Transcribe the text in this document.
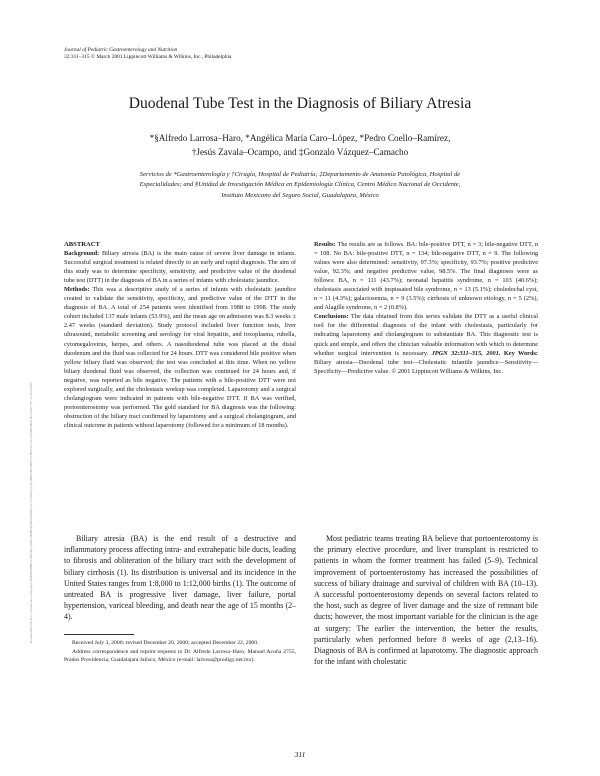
Journal of Pediatric Gastroenterology and Nutrition
32:311–315 © March 2001 Lippincott Williams & Wilkins, Inc., Philadelphia
Duodenal Tube Test in the Diagnosis of Biliary Atresia
*§Alfredo Larrosa–Haro, *Angélica María Caro–López, *Pedro Coello–Ramírez,
†Jesús Zavala–Ocampo, and ‡Gonzalo Vázquez–Camacho
Servicios de *Gastroenterología y †Cirugía, Hospital de Pediatría; ‡Departamento de Anatomía Patológica, Hospital de
Especialidades; and §Unidad de Investigación Médica en Epidemiología Clínica, Centro Médico Nacional de Occidente,
Instituto Mexicano del Seguro Social, Guadalajara, México
Downloaded from http://journals.lww.com/jpgn by BhDMf5ePHKav1zEoum1tQfN4a+kJLhEZgbsIHo4XMi0hCywCX1AWnYQp/IlQrHD3i3D0OdRyi7TvSFl4Cf3VC4/OAVpDDa8KKGKV0Ymy+78= on 10/15/2023
ABSTRACT

Background: Biliary atresia (BA) is the main cause of severe liver damage in infants. Successful surgical treatment is related directly to an early and rapid diagnosis. The aim of this study was to determine specificity, sensitivity, and predictive value of the duodenal tube test (DTT) in the diagnosis of BA in a series of infants with cholestatic jaundice.

Methods: This was a descriptive study of a series of infants with cholestatic jaundice created to validate the sensitivity, specificity, and predictive value of the DTT in the diagnosis of BA. A total of 254 patients were identified from 1988 to 1998. The study cohort included 137 male infants (53.9%), and the mean age on admission was 8.3 weeks ± 2.47 weeks (standard deviation). Study protocol included liver function tests, liver ultrasound, metabolic screening and serology for viral hepatitis, and toxoplasma, rubella, cytomegalovirus, herpes, and others. A nasoduodenal tube was placed at the distal duodenum and the fluid was collected for 24 hours. DTT was considered bile positive when yellow biliary fluid was observed; the test was concluded at this time. When no yellow biliary duodenal fluid was observed, the collection was continued for 24 hours and, if negative, was reported as bile negative. The patients with a bile-positive DTT were not explored surgically, and the cholestasis workup was completed. Laparotomy and a surgical cholangiogram were indicated in patients with bile-negative DTT. If BA was verified, portoenterostomy was performed. The gold standard for BA diagnosis was the following: obstruction of the biliary tract confirmed by laparotomy and a surgical cholangiogram, and clinical outcome in patients without laparotomy (followed for a minimum of 18 months).

Results: The results are as follows. BA: bile-positive DTT, n = 3; bile-negative DTT, n = 108. No BA: bile-positive DTT, n = 134; bile-negative DTT, n = 9. The following values were also determined: sensitivity, 97.3%; specificity, 93.7%; positive predictive value, 92.3%; and negative predictive value, 98.5%. The final diagnoses were as follows: BA, n = 111 (43.7%); neonatal hepatitis syndrome, n = 103 (40.6%); cholestasis associated with inspissated bile syndrome, n = 13 (5.1%); choledochal cyst, n = 11 (4.3%); galactosemia, n = 9 (3.5%); cirrhosis of unknown etiology, n = 5 (2%), and Alagille syndrome, n = 2 (0.8%).

Conclusions: The data obtained from this series validate the DTT as a useful clinical tool for the differential diagnosis of the infant with cholestasis, particularly for indicating laparotomy and cholangiogram to substantiate BA. This diagnostic test is quick and simple, and offers the clinician valuable information with which to determine whether surgical intervention is necessary. JPGN 32:311–315, 2001. Key Words: Biliary atresia—Duodenal tube test—Cholestatic infantile jaundice—Sensitivity—Specificity—Predictive value. © 2001 Lippincott Williams & Wilkins, Inc.

Biliary atresia (BA) is the end result of a destructive and inflammatory process affecting intra- and extrahepatic bile ducts, leading to fibrosis and obliteration of the biliary tract with the development of biliary cirrhosis (1). Its distribution is universal and its incidence in the United States ranges from 1:8,000 to 1:12,000 births (1). The outcome of untreated BA is progressive liver damage, liver failure, portal hypertension, variceal bleeding, and death near the age of 15 months (2–4).

Most pediatric teams treating BA believe that portoenterostomy is the primary elective procedure, and liver transplant is restricted to patients in whom the former treatment has failed (5–9). Technical improvement of portoenterostomy has increased the possibilities of success of biliary drainage and survival of children with BA (10–13). A successful portoenterostomy depends on several factors related to the host, such as degree of liver damage and the size of remnant bile ducts; however, the most important variable for the clinician is the age at surgery: The earlier the intervention, the better the results, particularly when performed before 8 weeks of age (2,13–16). Diagnosis of BA is confirmed at laparotomy. The diagnostic approach for the infant with cholestatic

Received July 3, 2000; revised December 20, 2000; accepted December 22, 2000.

Address correspondence and reprint requests to Dr. Alfredo Larrosa–Haro, Manuel Acuña 2755, Prados Providencia, Guadalajara Jalisco, México (e-mail: larrosa@prodigy.net.mx).

311
